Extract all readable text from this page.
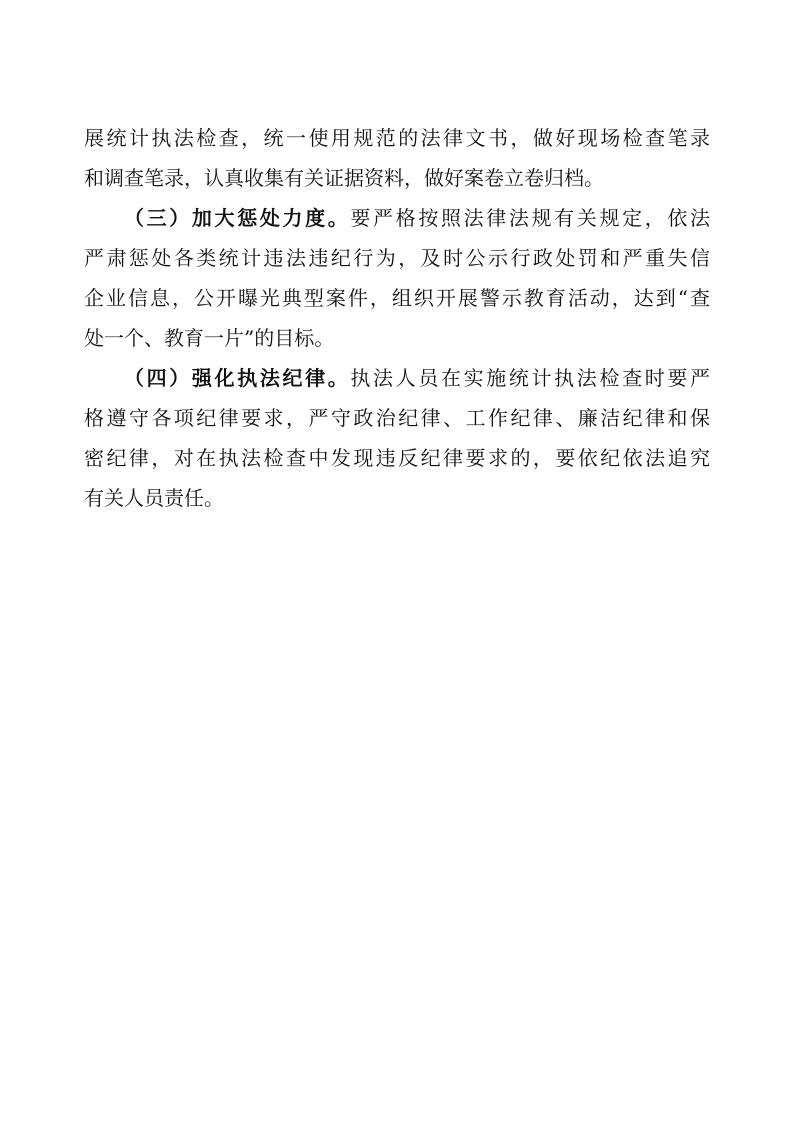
展统计执法检查，统一使用规范的法律文书，做好现场检查笔录
和调查笔录，认真收集有关证据资料，做好案卷立卷归档。
（三）加大惩处力度。要严格按照法律法规有关规定，依法
严肃惩处各类统计违法违纪行为，及时公示行政处罚和严重失信
企业信息，公开曝光典型案件，组织开展警示教育活动，达到“查
处一个、教育一片”的目标。
（四）强化执法纪律。执法人员在实施统计执法检查时要严
格遵守各项纪律要求，严守政治纪律、工作纪律、廉洁纪律和保
密纪律，对在执法检查中发现违反纪律要求的，要依纪依法追究
有关人员责任。
